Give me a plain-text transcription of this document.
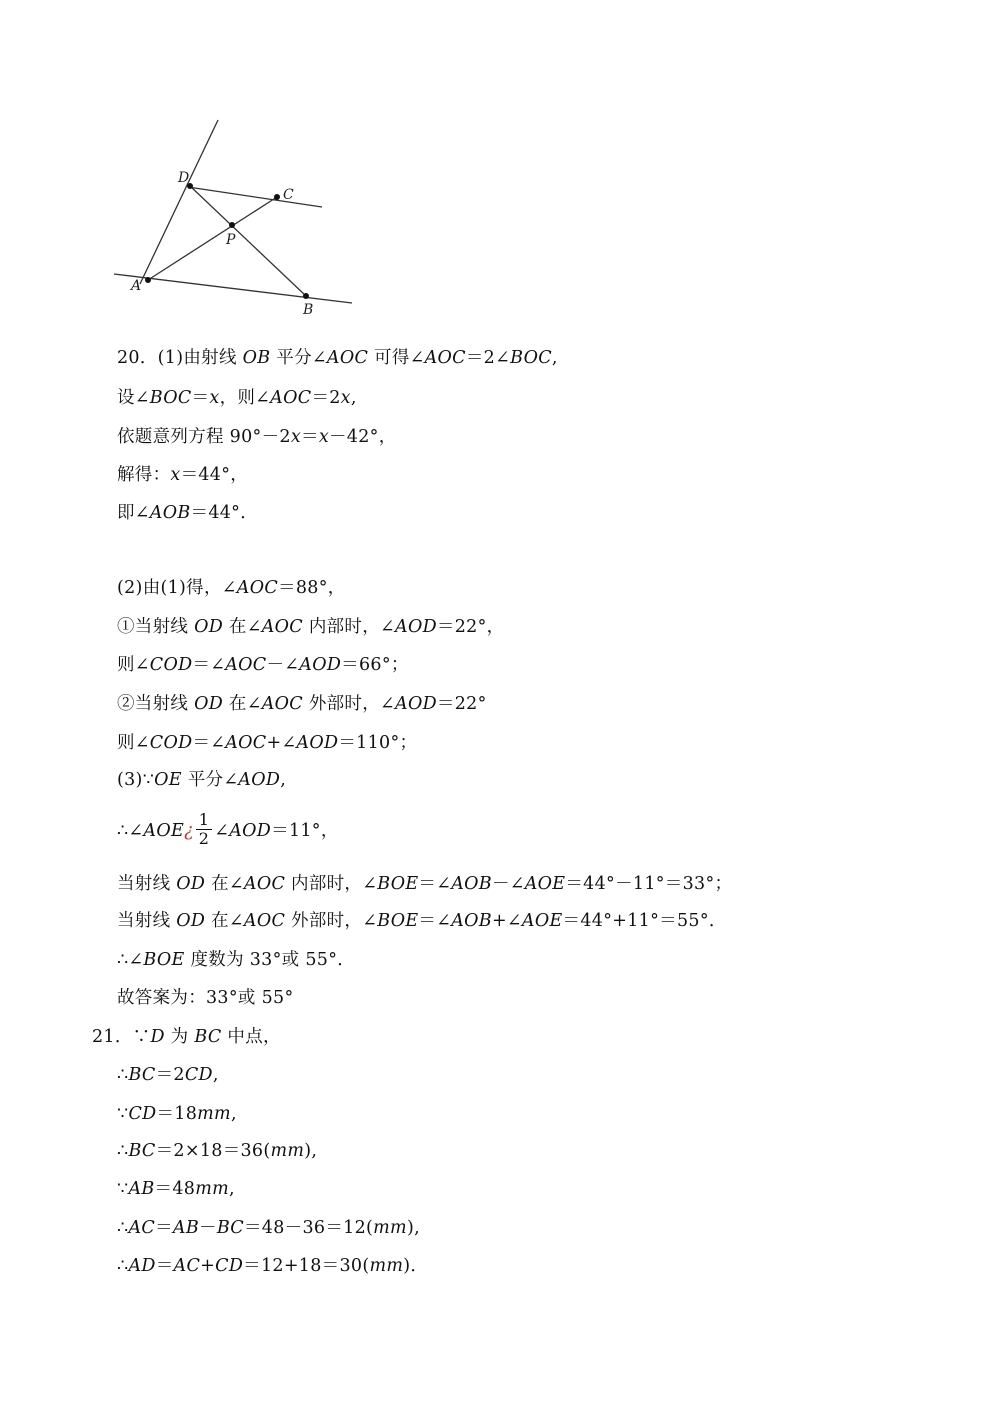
D
C
P
A
B
20．(1)由射线 OB 平分∠AOC 可得∠AOC＝2∠BOC,
设∠BOC＝x，则∠AOC＝2x,
依题意列方程 90°－2x＝x－42°，
解得：x＝44°，
即∠AOB＝44°．
(2)由(1)得，∠AOC＝88°，
①当射线 OD 在∠AOC 内部时，∠AOD＝22°，
则∠COD＝∠AOC－∠AOD＝66°；
②当射线 OD 在∠AOC 外部时，∠AOD＝22°
则∠COD＝∠AOC+∠AOD＝110°；
(3)∵OE 平分∠AOD,
∴∠AOE¿ $\frac{1}{2}$ ∠AOD＝11°，
当射线 OD 在∠AOC 内部时，∠BOE＝∠AOB－∠AOE＝44°－11°＝33°；
当射线 OD 在∠AOC 外部时，∠BOE＝∠AOB+∠AOE＝44°+11°＝55°．
∴∠BOE 度数为 33°或 55°．
故答案为：33°或 55°
21．∵D 为 BC 中点，
∴BC＝2CD,
∵CD＝18mm,
∴BC＝2×18＝36(mm),
∵AB＝48mm,
∴AC＝AB－BC＝48－36＝12(mm),
∴AD＝AC+CD＝12+18＝30(mm)．
